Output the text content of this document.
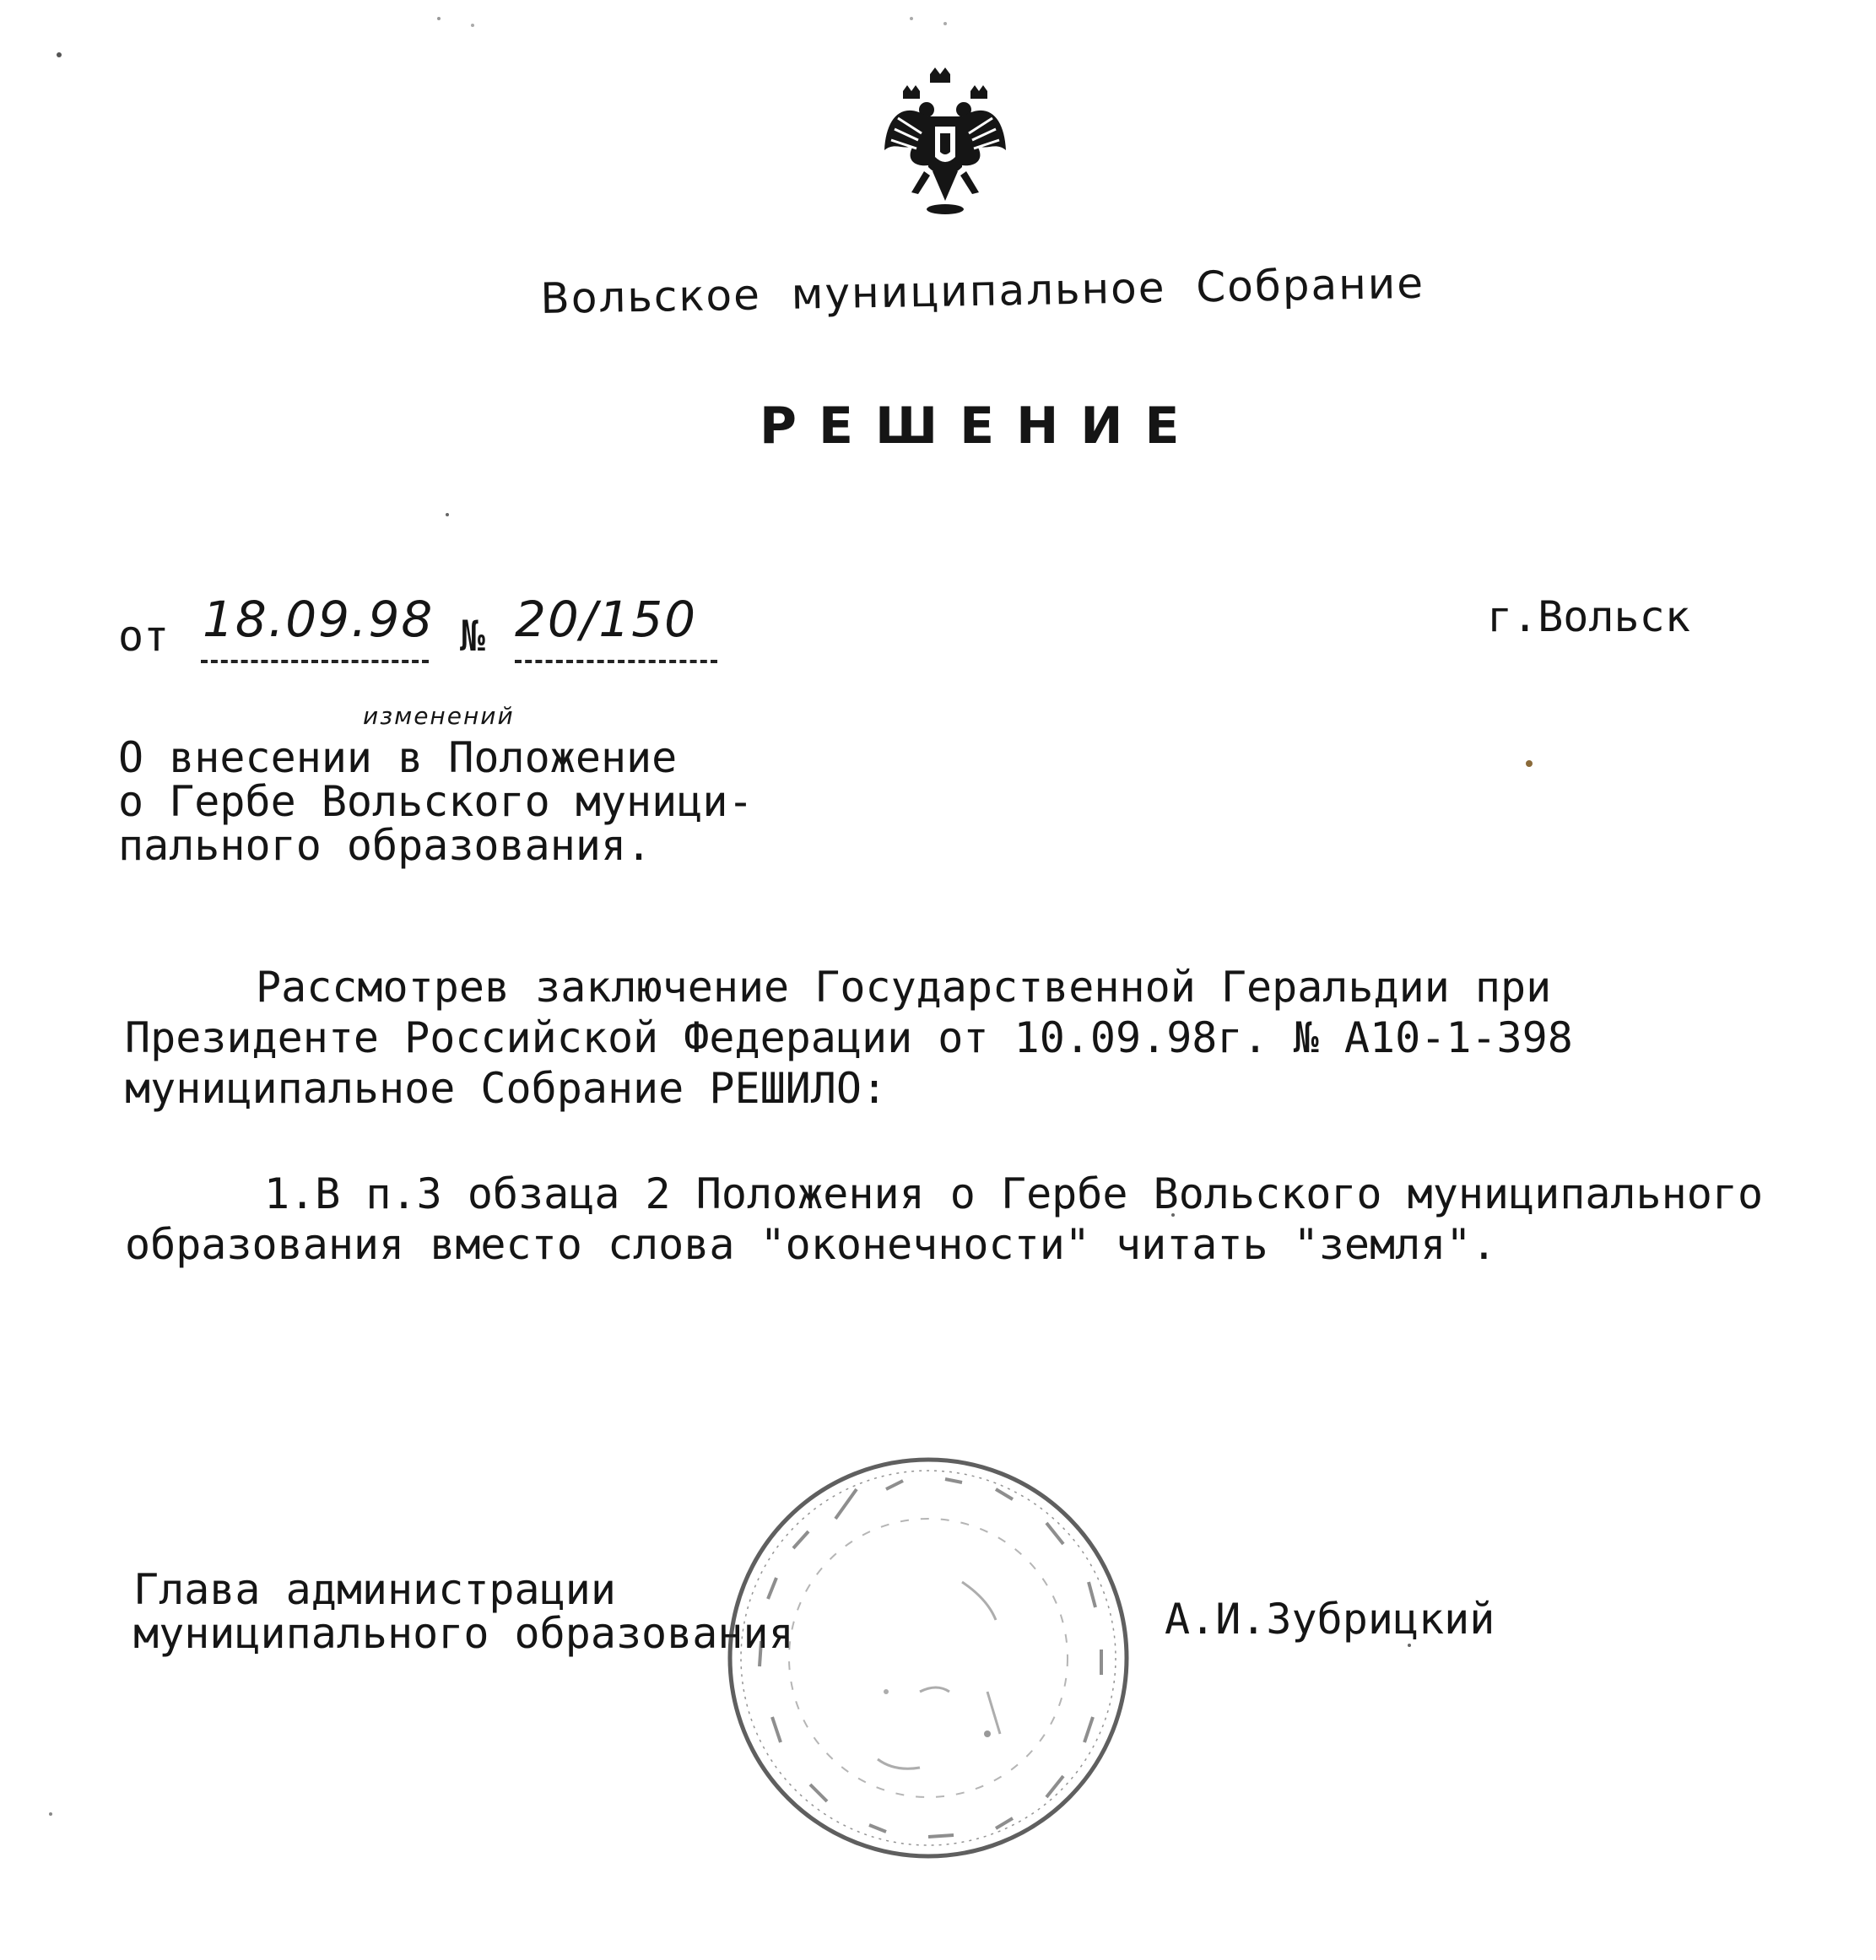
Вольское муниципальное Собрание
РЕШЕНИЕ
от 18.09.98 № 20/150	г.Вольск
изменений
О внесении в Положение
о Гербе Вольского муници-
пального образования.
Рассмотрев заключение Государственной Геральдии при
Президенте Российской Федерации от 10.09.98г. № А10-1-398
муниципальное Собрание РЕШИЛО:
1.В п.3 обзаца 2 Положения о Гербе Вольского муниципального
образования вместо слова "оконечности" читать "земля".
Глава администрации
муниципального образования	А.И.Зубрицкий
